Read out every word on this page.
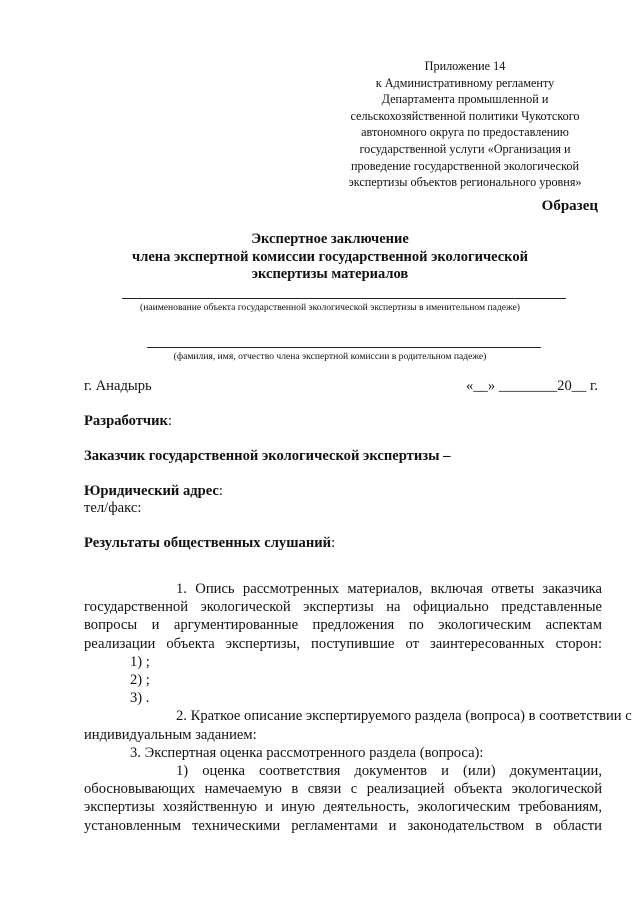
Приложение 14
к Административному регламенту
Департамента промышленной и
сельскохозяйственной политики Чукотского
автономного округа по предоставлению
государственной услуги «Организация и
проведение государственной экологической
экспертизы объектов регионального уровня»
Образец
Экспертное заключение
члена экспертной комиссии государственной экологической
экспертизы материалов
(наименование объекта государственной экологической экспертизы в именительном падеже)
(фамилия, имя, отчество члена экспертной комиссии в родительном падеже)
г. Анадырь	«__» ________20__ г.
Разработчик:
Заказчик государственной экологической экспертизы –
Юридический адрес:
тел/факс:
Результаты общественных слушаний:
1. Опись рассмотренных материалов, включая ответы заказчика
государственной экологической экспертизы на официально представленные
вопросы и аргументированные предложения по экологическим аспектам
реализации объекта экспертизы, поступившие от заинтересованных сторон:
1) ;
2) ;
3) .
2. Краткое описание экспертируемого раздела (вопроса) в соответствии с
индивидуальным заданием:
3. Экспертная оценка рассмотренного раздела (вопроса):
1) оценка соответствия документов и (или) документации,
обосновывающих намечаемую в связи с реализацией объекта экологической
экспертизы хозяйственную и иную деятельность, экологическим требованиям,
установленным техническими регламентами и законодательством в области
